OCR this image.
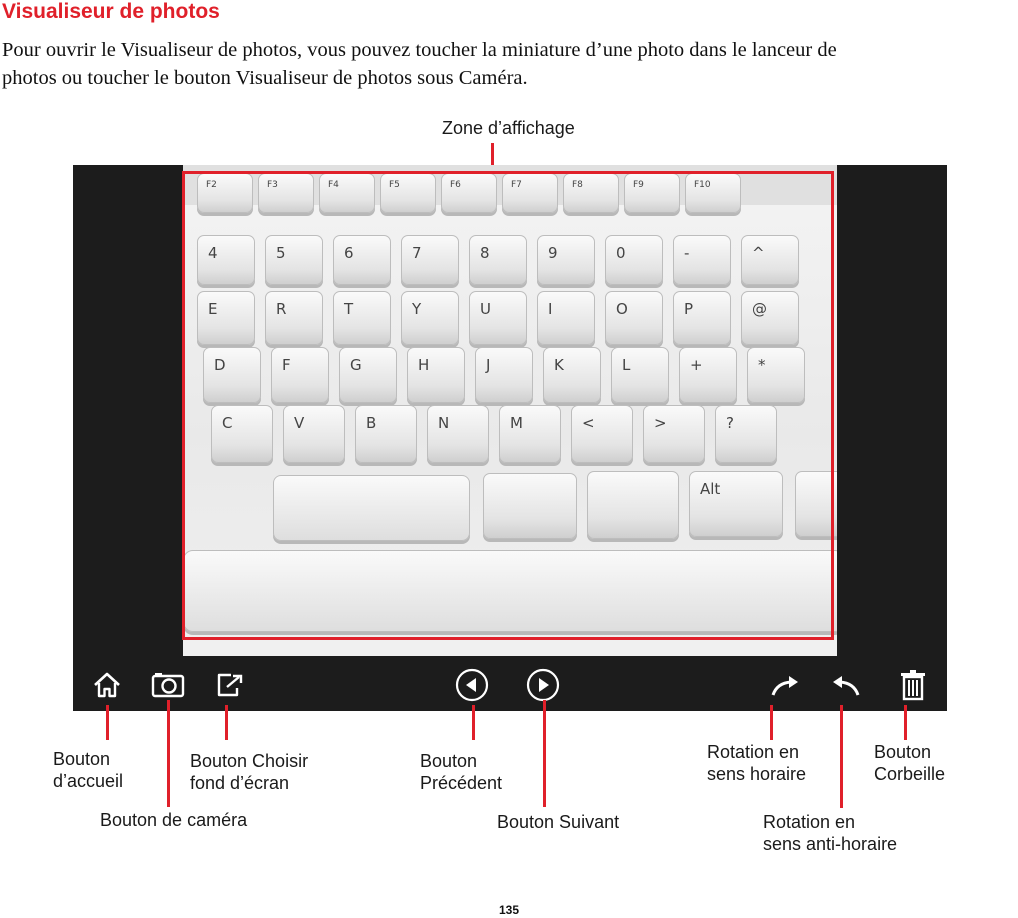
Visualiseur de photos
Pour ouvrir le Visualiseur de photos, vous pouvez toucher la miniature d’une photo dans le lanceur de
photos ou toucher le bouton Visualiseur de photos sous Caméra.
Zone d’affichage
F2	F3	F4	F5	F6	F7	F8	F9	F10
4	5	6	7	8	9	0	-	^
E	R	T	Y	U	I	O	P	@
D	F	G	H	J	K	L	+	*
C	V	B	N	M	<	>	?
Alt
Bouton
d’accueil
Bouton de caméra
Bouton Choisir
fond d’écran
Bouton
Précédent
Bouton Suivant
Rotation en
sens horaire
Rotation en
sens anti-horaire
Bouton
Corbeille
135
